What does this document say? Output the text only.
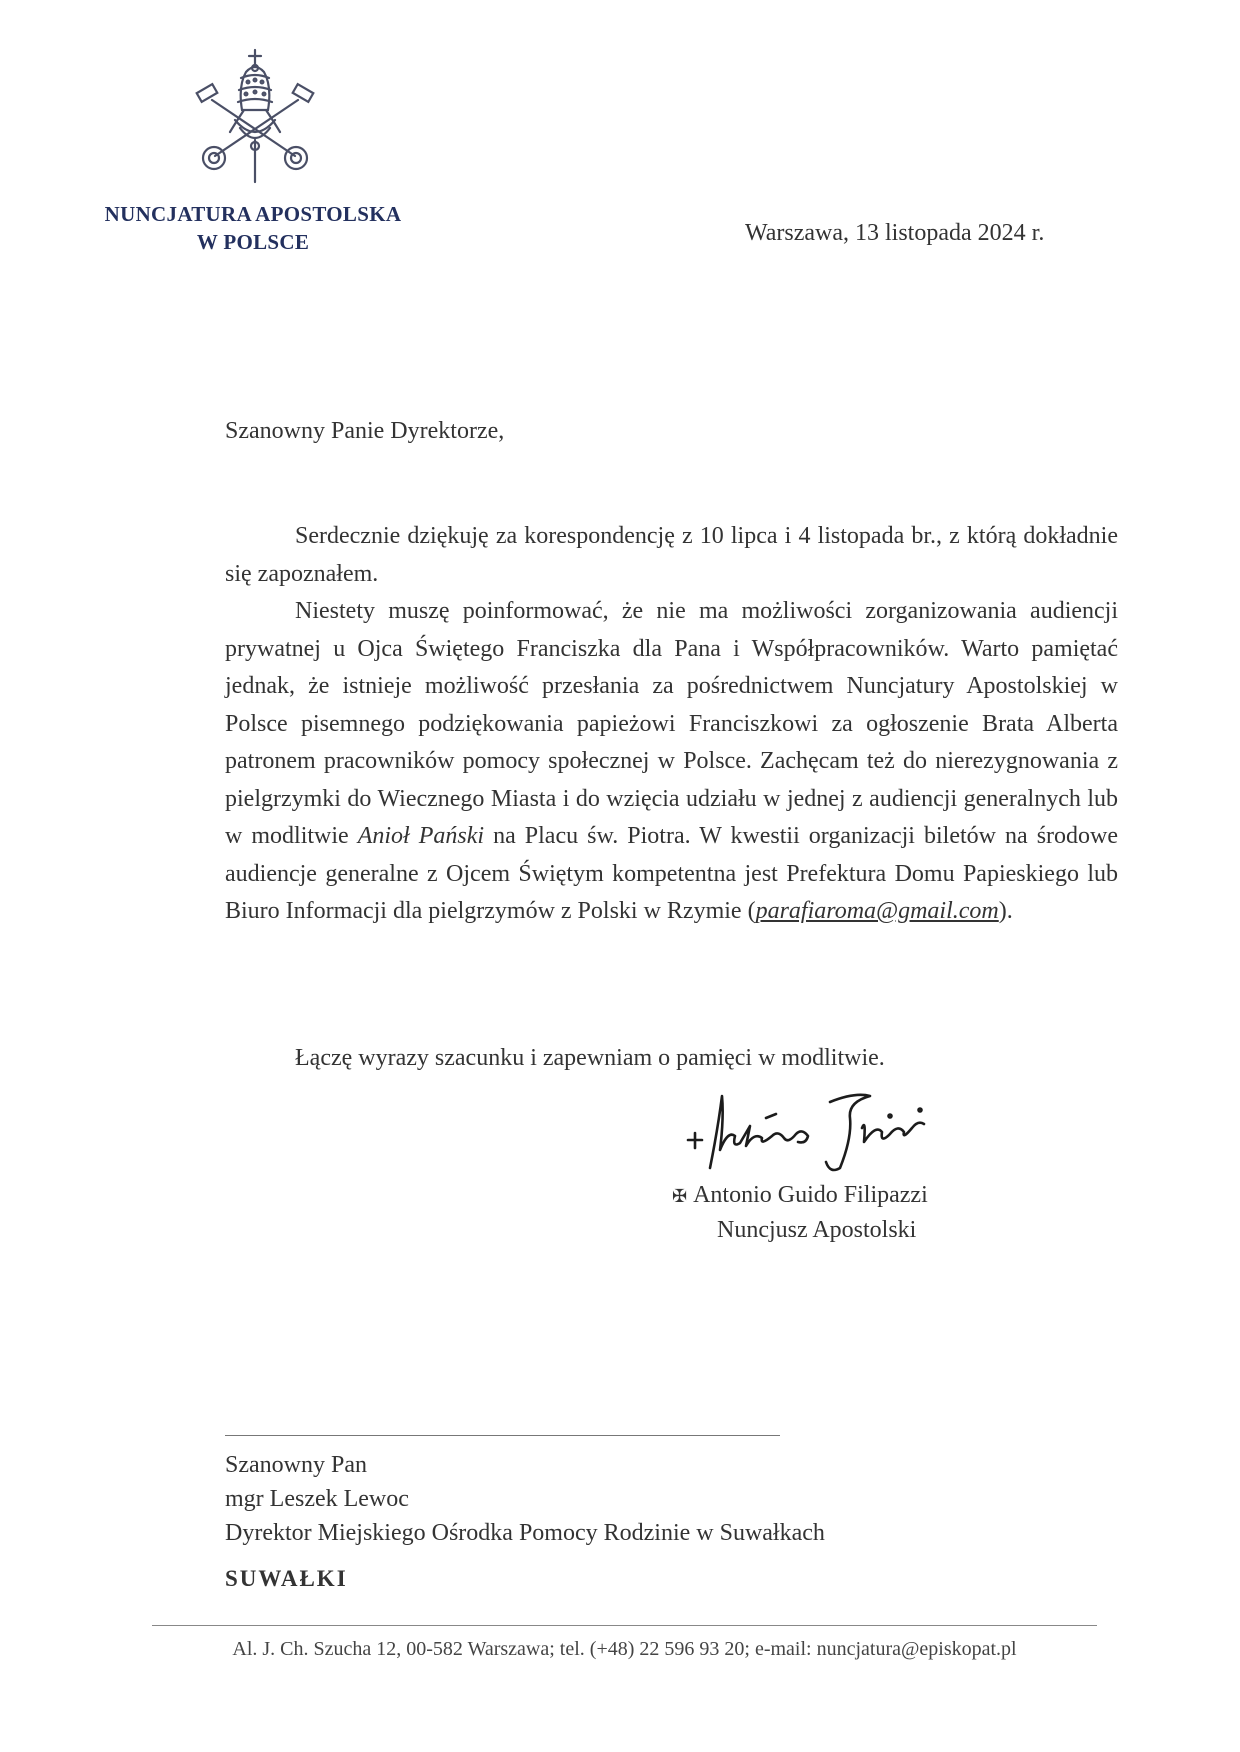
NUNCJATURA APOSTOLSKA
W POLSCE	Warszawa, 13 listopada 2024 r.
Szanowny Panie Dyrektorze,

Serdecznie dziękuję za korespondencję z 10 lipca i 4 listopada br., z którą dokładnie się zapoznałem.

Niestety muszę poinformować, że nie ma możliwości zorganizowania audiencji prywatnej u Ojca Świętego Franciszka dla Pana i Współpracowników. Warto pamiętać jednak, że istnieje możliwość przesłania za pośrednictwem Nuncjatury Apostolskiej w Polsce pisemnego podziękowania papieżowi Franciszkowi za ogłoszenie Brata Alberta patronem pracowników pomocy społecznej w Polsce. Zachęcam też do nierezygnowania z pielgrzymki do Wiecznego Miasta i do wzięcia udziału w jednej z audiencji generalnych lub w modlitwie Anioł Pański na Placu św. Piotra. W kwestii organizacji biletów na środowe audiencje generalne z Ojcem Świętym kompetentna jest Prefektura Domu Papieskiego lub Biuro Informacji dla pielgrzymów z Polski w Rzymie (parafiaroma@gmail.com).

Łączę wyrazy szacunku i zapewniam o pamięci w modlitwie.
✠ Antonio Guido Filipazzi
Nuncjusz Apostolski
Szanowny Pan
mgr Leszek Lewoc
Dyrektor Miejskiego Ośrodka Pomocy Rodzinie w Suwałkach
SUWAŁKI
Al. J. Ch. Szucha 12, 00-582 Warszawa; tel. (+48) 22 596 93 20; e-mail: nuncjatura@episkopat.pl
